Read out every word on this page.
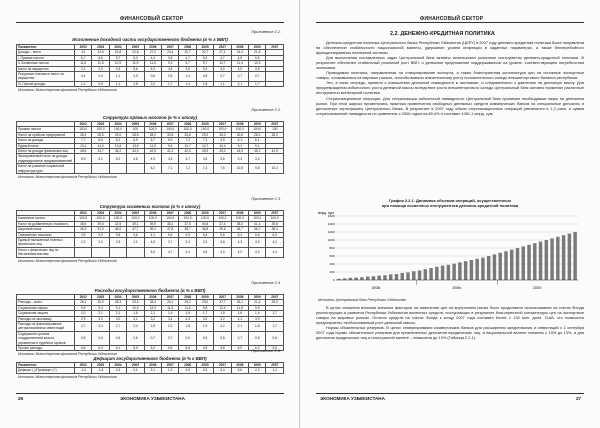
ФИНАНСОВЫЙ СЕКТОР
26	ЭКОНОМИКА УЗБЕКИСТАНА
Приложение 2.1.
Исполнение доходной части государственного бюджета (в % к ВВП)
Показатели	2002	2003	2004	2005	2006	2007	2008	2009	2007	2008	2009	2007
Доходы – всего	24	22,5	22,8	22,8	27,2	23,4	20,7	22,7	27,1	24,3	21,8	
I. Прямые налоги	6,7	6,6	5,7	5,3	4,4	3,6	4,7	5,9	4,7	4,8	5,5	
II. Косвенные налоги	11,6	11,5	10,9	11,9	11,5	9,3	9,7	9,7	12,7	11,4	10,3	
Налог на имущество	2,1	2,0	4,5	5,6	5,3	4,4	3,6	5,3	4,0	4,0	3,5	
Ресурсные платежи и налог на имущество	0,4	0,4	1,1	0,9	0,6	0,5	1,4	0,8	0,7	0,7	0,7	
III. Прочие доходы	1,1	0,9	1,1	2,8	2,2	1,7	1,4	1,8	1,1	2,1	1,7	
Источник: Министерство финансов Республики Узбекистан
Приложение 2.2.
Структура прямых налогов (в % к итогу)
	2002	2003	2004	2005	2006	2007	2008	2009	2007	2008	2009	2007
Прямые налоги	100,0	100,0	100,0	100	100,0	100,0	100,0	100,0	100,0	100,0	100,0	100
Налог на прибыль предприятий	28,4	28,5	29,0	28,8	28,0	32,8	33,6	29,0	35,0	30,8	28,2	28,3
Налог на доходы	7,7	8,5	5,2	6,9	6,7	5,9	7,3	7,3	4,9	5,1	6,1	
Единый налог	13,1	14,0	13,6	13,6	11,3	9,4	10,7	10,7	10,4	9,1	9,1	
Налог на доходы физических лиц	45,6	44,7	46,2	44,0	42,9	41,4	42,5	43,9	43,0	44,9	45,1	42,9
Фиксированный налог на доходы индивидуальных предпринимателей	6,9	5,1	5,2	4,6	4,9	3,6	3,7	3,6	3,6	3,4	3,4	
Налог на развитие социальной инфраструктуры					6,2	7,1	7,2	7,4	7,6	10,8	9,8	10,2
Источник: Министерство финансов Республики Узбекистан
Приложение 2.3.
Структура косвенных налогов (в % к итогу)
	2002	2003	2004	2005	2006	2007	2008	2009	2007	2008	2009	2007
Косвенные налоги	100,0	100,0	100,0	100,0	100,0	100,0	100,0	100,0	100,0	100,0	100,0	100,0
Налог на добавленную стоимость	48,9	39,6	42,5	39,1	39,5	38,1	37,5	40,8	37,4	38,0	41,4	39,8
Акцизный налог	46,3	51,3	46,0	47,7	39,2	37,8	38,7	36,8	39,6	36,7	36,7	38,4
Таможенные пошлины	4,9	9,0	3,8	3,6	4,1	5,6	4,9	5,4	5,6	5,4	5,8	6,3
Единый таможенный платеж с физических лиц	2,2	3,3	2,5	2,1	4,6	3,7	3,3	3,3	4,8	4,3	3,9	4,2
Налог с физических лиц по бензиновым маслам					4,6	4,7	4,4	4,6	4,0	4,2	4,3	4,4
Источник: Министерство финансов Республики Узбекистан
Приложение 2.4.
Расходы государственного бюджета (в % к ВВП)
	2002	2003	2004	2005	2006	2007	2008	2009	2007	2008	2009	2007
Расходы – всего	28,1	26,0	28,3	29,5	28,4	26,1	25,2	23,0	27,7	26,1	21,6	25,0
Социальные сферы	9,6	9,3	9,1	10,5	12,0	11,5	11,6	9,8	12,4	11,8	9,9	
Социальная защита	2,0	2,1	2,1	1,8	2,1	1,9	1,5	1,7	1,9	1,6	1,4	1,7
Расходы на экономику	2,9	3,3	3,0	3,1	3,2	3,4	4,3	3,0	3,2	4,1	3,9	
Расходы на финансирование централизованных инвестиций	4,7	3,3	2,7	2,4	1,8	2,2	1,8	1,9	3,2	2,1	1,8	1,7
Содержание органов государственной власти, управления и судебных органов	0,5	0,5	0,6	0,6	0,7	0,7	0,5	0,5	0,8	0,7	0,6	0,6
Прочие расходы	6,6	6,3	6,1	5,9	6,2	5,6	5,8	4,9	4,8	5,9	6,2	5,5
Источник: Министерство финансов Республики Узбекистан
Приложение 2.5.
Дефицит государственного бюджета (в % к ВВП)
Показатели	2002	2003	2004	2005	2006	2007	2008	2009	2007	2008	2009	2007
Дефицит (-)/Профицит (+)	-1,0	-0,4	0,4	0,1	2,1	1,2	4,9	0,5	3,4	5,6	2,2	1,2
Источник: Министерство финансов Республики Узбекистан
ФИНАНСОВЫЙ СЕКТОР
2.2. ДЕНЕЖНО-КРЕДИТНАЯ ПОЛИТИКА
График 2.2.1. Динамика объемов операций, осуществленных
при помощи косвенных инструментов денежно-кредитной политики
млрд. сум
0
200
400
600
800
1000
1200
1400
1600
2005г.	2006г.	2007г.
Источник: Центральный банк Республики Узбекистан
ЭКОНОМИКА УЗБЕКИСТАНА	27
Денежно-кредитная политика Центрального банка Республики Узбекистан (ЦБРУ) в 2007 году денежно-кредитная политика была направлена на обеспечение стабильности национальной валюты, удержание уровня инфляции в заданных параметрах, а также бесперебойного функционирования платежной системы.
Для выполнения поставленных задач Центральный банк активно использовал рыночные инструменты денежно-кредитной политики. В результате обеспечен стабильный реальный рост ВВП, и денежное предложение поддерживалось на уровне, соответствующем потребностям экономики.
Проводимая политика, направленная на стимулирование экспорта, а также благоприятная конъюнктура цен на основные экспортные товары, сложившаяся на мировых рынках, способствовали значительному росту положительного сальдо внешнеторгового баланса республики.
Это, в свою очередь, привело к повышению денежной ликвидности в экономике, и следовательно к давлению на денежную массу. Для предотвращения избыточного роста денежной массы вследствие роста внешнеторгового сальдо Центральный банк активно применял различные инструменты монетарной политики.
Стерилизационные операции. Для стерилизации избыточной ликвидности Центральный банк принимал необходимые меры на денежном рынке. При этом широко применялись практика привлечения свободных денежных средств коммерческих банков на специальные депозиты и депозитные сертификаты Центрального банка. В результате в 2007 году объем стерилизационных операций увеличился в 1,3 раза, а сумма стерилизованной ликвидности по сравнению с 2006 годом на 80,4% и составил 1081,1 млрд. сум.
В целях снижения влияния внешних факторов на изменение цен на внутреннем рынке было продолжено использование на счетах Фонда реконструкции и развития Республики Узбекистан валютных средств, поступающих в результате благоприятной конъюнктуры цен на экспортные товары на мировых рынках. Остаток средств на счетах Фонда к концу 2007 года составил более 1 132 млн. долл. США, что позволило предотвратить необоснованный рост денежной массы.
Нормы обязательных резервов. В целях стимулирования коммерческих банков для расширения кредитования и инвестиций с 1 сентября 2007 года нормы обязательных резервов для привлеченных депозитов юридических лиц, в национальной валюте снижены с 15% до 13%, а для депозитов юридических лиц и иностранной валюте – повышена до 13% (Таблица 2.2.1).
